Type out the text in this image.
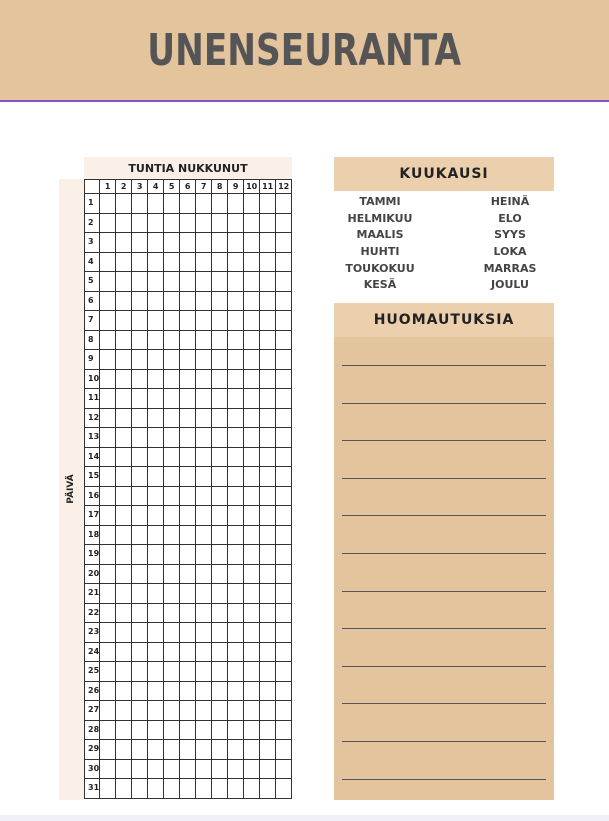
UNENSEURANTA
TUNTIA NUKKUNUT
PÄIVÄ
	1	2	3	4	5	6	7	8	9	10	11	12
1												
2												
3												
4												
5												
6												
7												
8												
9												
10												
11												
12												
13												
14												
15												
16												
17												
18												
19												
20												
21												
22												
23												
24												
25												
26												
27												
28												
29												
30												
31												
KUUKAUSI
TAMMI	HEINÄ
HELMIKUU	ELO
MAALIS	SYYS
HUHTI	LOKA
TOUKOKUU	MARRAS
KESÄ	JOULU
HUOMAUTUKSIA
